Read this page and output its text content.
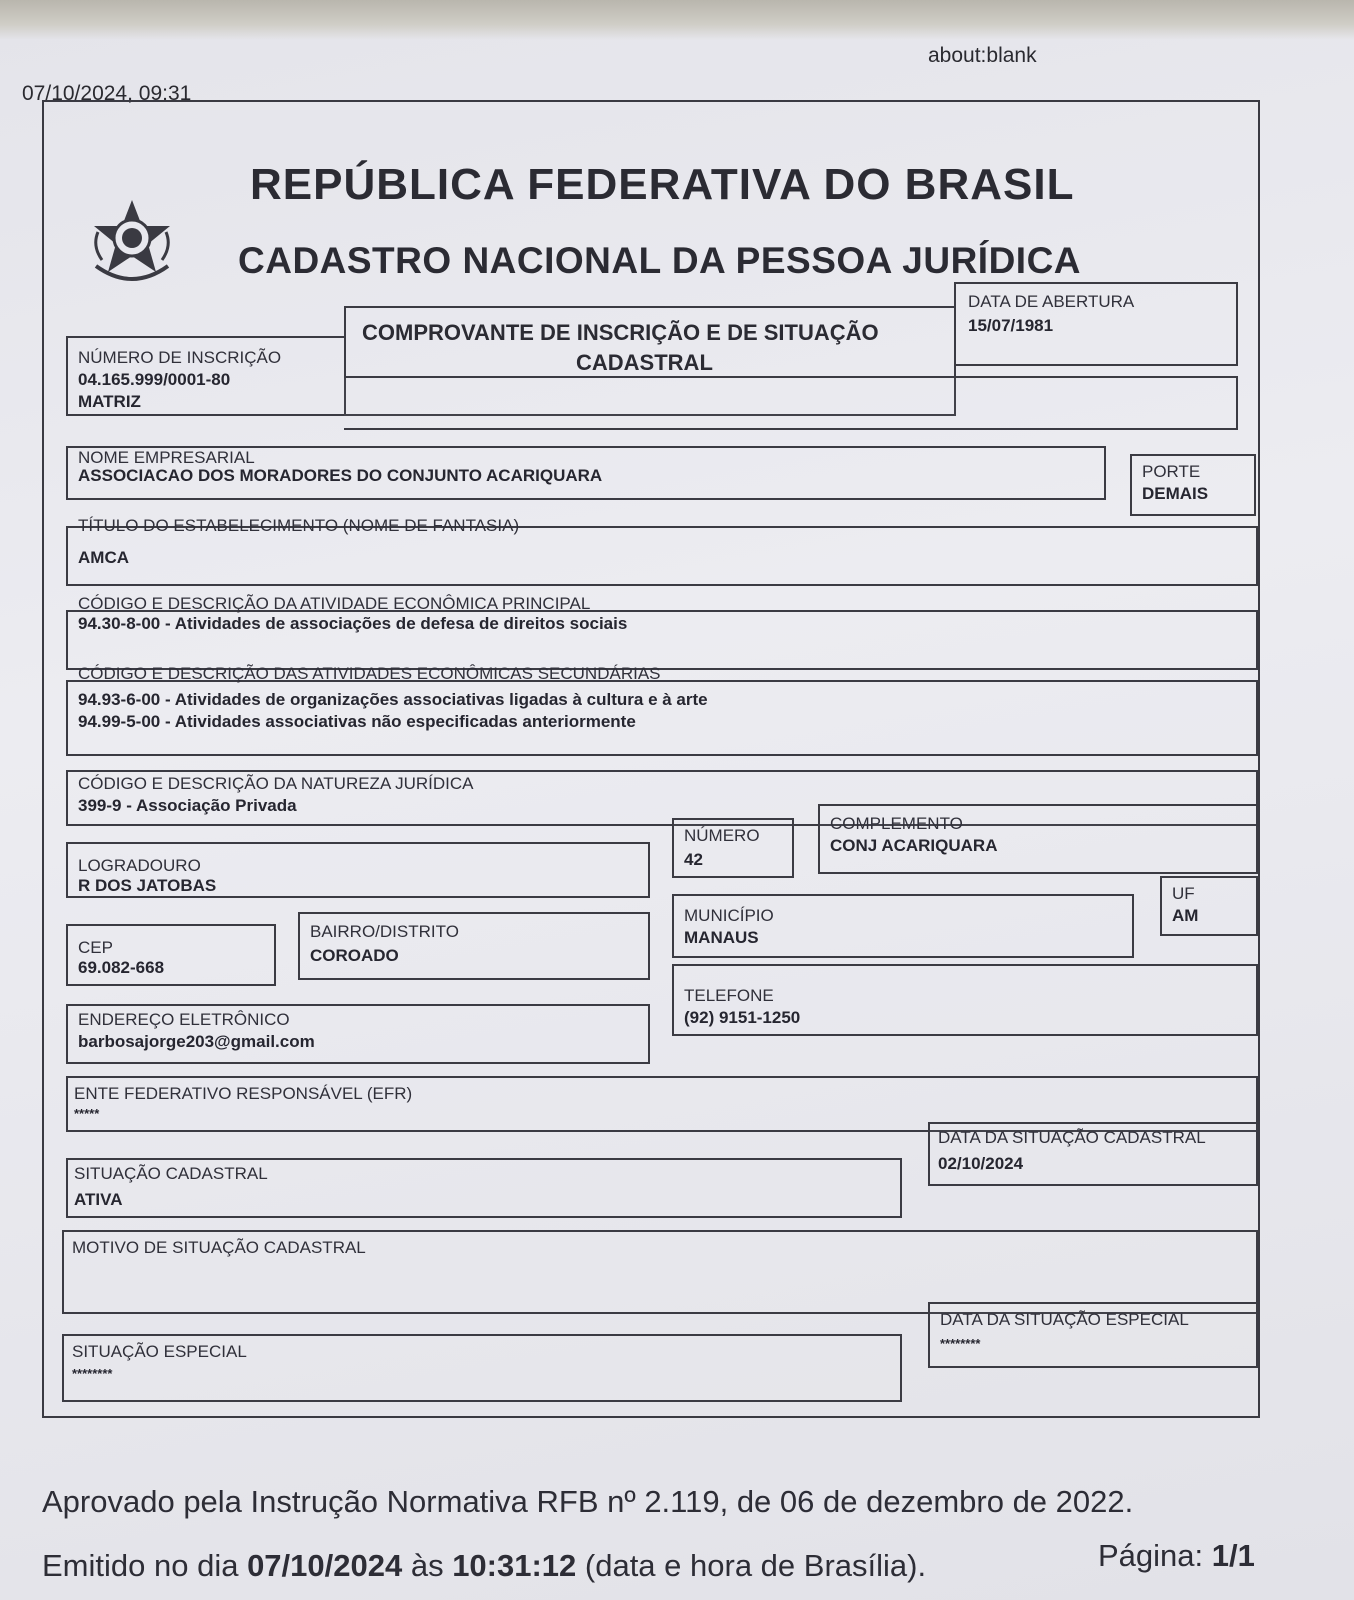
07/10/2024, 09:31
about:blank
REPÚBLICA FEDERATIVA DO BRASIL
CADASTRO NACIONAL DA PESSOA JURÍDICA
NÚMERO DE INSCRIÇÃO
04.165.999/0001-80
MATRIZ
COMPROVANTE DE INSCRIÇÃO E DE SITUAÇÃO
CADASTRAL
DATA DE ABERTURA
15/07/1981
NOME EMPRESARIAL
ASSOCIACAO DOS MORADORES DO CONJUNTO ACARIQUARA	PORTE
DEMAIS
TÍTULO DO ESTABELECIMENTO (NOME DE FANTASIA)
AMCA
CÓDIGO E DESCRIÇÃO DA ATIVIDADE ECONÔMICA PRINCIPAL
94.30-8-00 - Atividades de associações de defesa de direitos sociais
CÓDIGO E DESCRIÇÃO DAS ATIVIDADES ECONÔMICAS SECUNDÁRIAS
94.93-6-00 - Atividades de organizações associativas ligadas à cultura e à arte
94.99-5-00 - Atividades associativas não especificadas anteriormente
CÓDIGO E DESCRIÇÃO DA NATUREZA JURÍDICA
399-9 - Associação Privada
LOGRADOURO
R DOS JATOBAS
NÚMERO
42
COMPLEMENTO
CONJ ACARIQUARA
CEP
69.082-668
BAIRRO/DISTRITO
COROADO
MUNICÍPIO
MANAUS
UF
AM
ENDEREÇO ELETRÔNICO
barbosajorge203@gmail.com
TELEFONE
(92) 9151-1250
ENTE FEDERATIVO RESPONSÁVEL (EFR)
*****
SITUAÇÃO CADASTRAL
ATIVA
DATA DA SITUAÇÃO CADASTRAL
02/10/2024
MOTIVO DE SITUAÇÃO CADASTRAL
SITUAÇÃO ESPECIAL
********
DATA DA SITUAÇÃO ESPECIAL
********
Aprovado pela Instrução Normativa RFB nº 2.119, de 06 de dezembro de 2022.
Emitido no dia 07/10/2024 às 10:31:12 (data e hora de Brasília).	Página: 1/1
